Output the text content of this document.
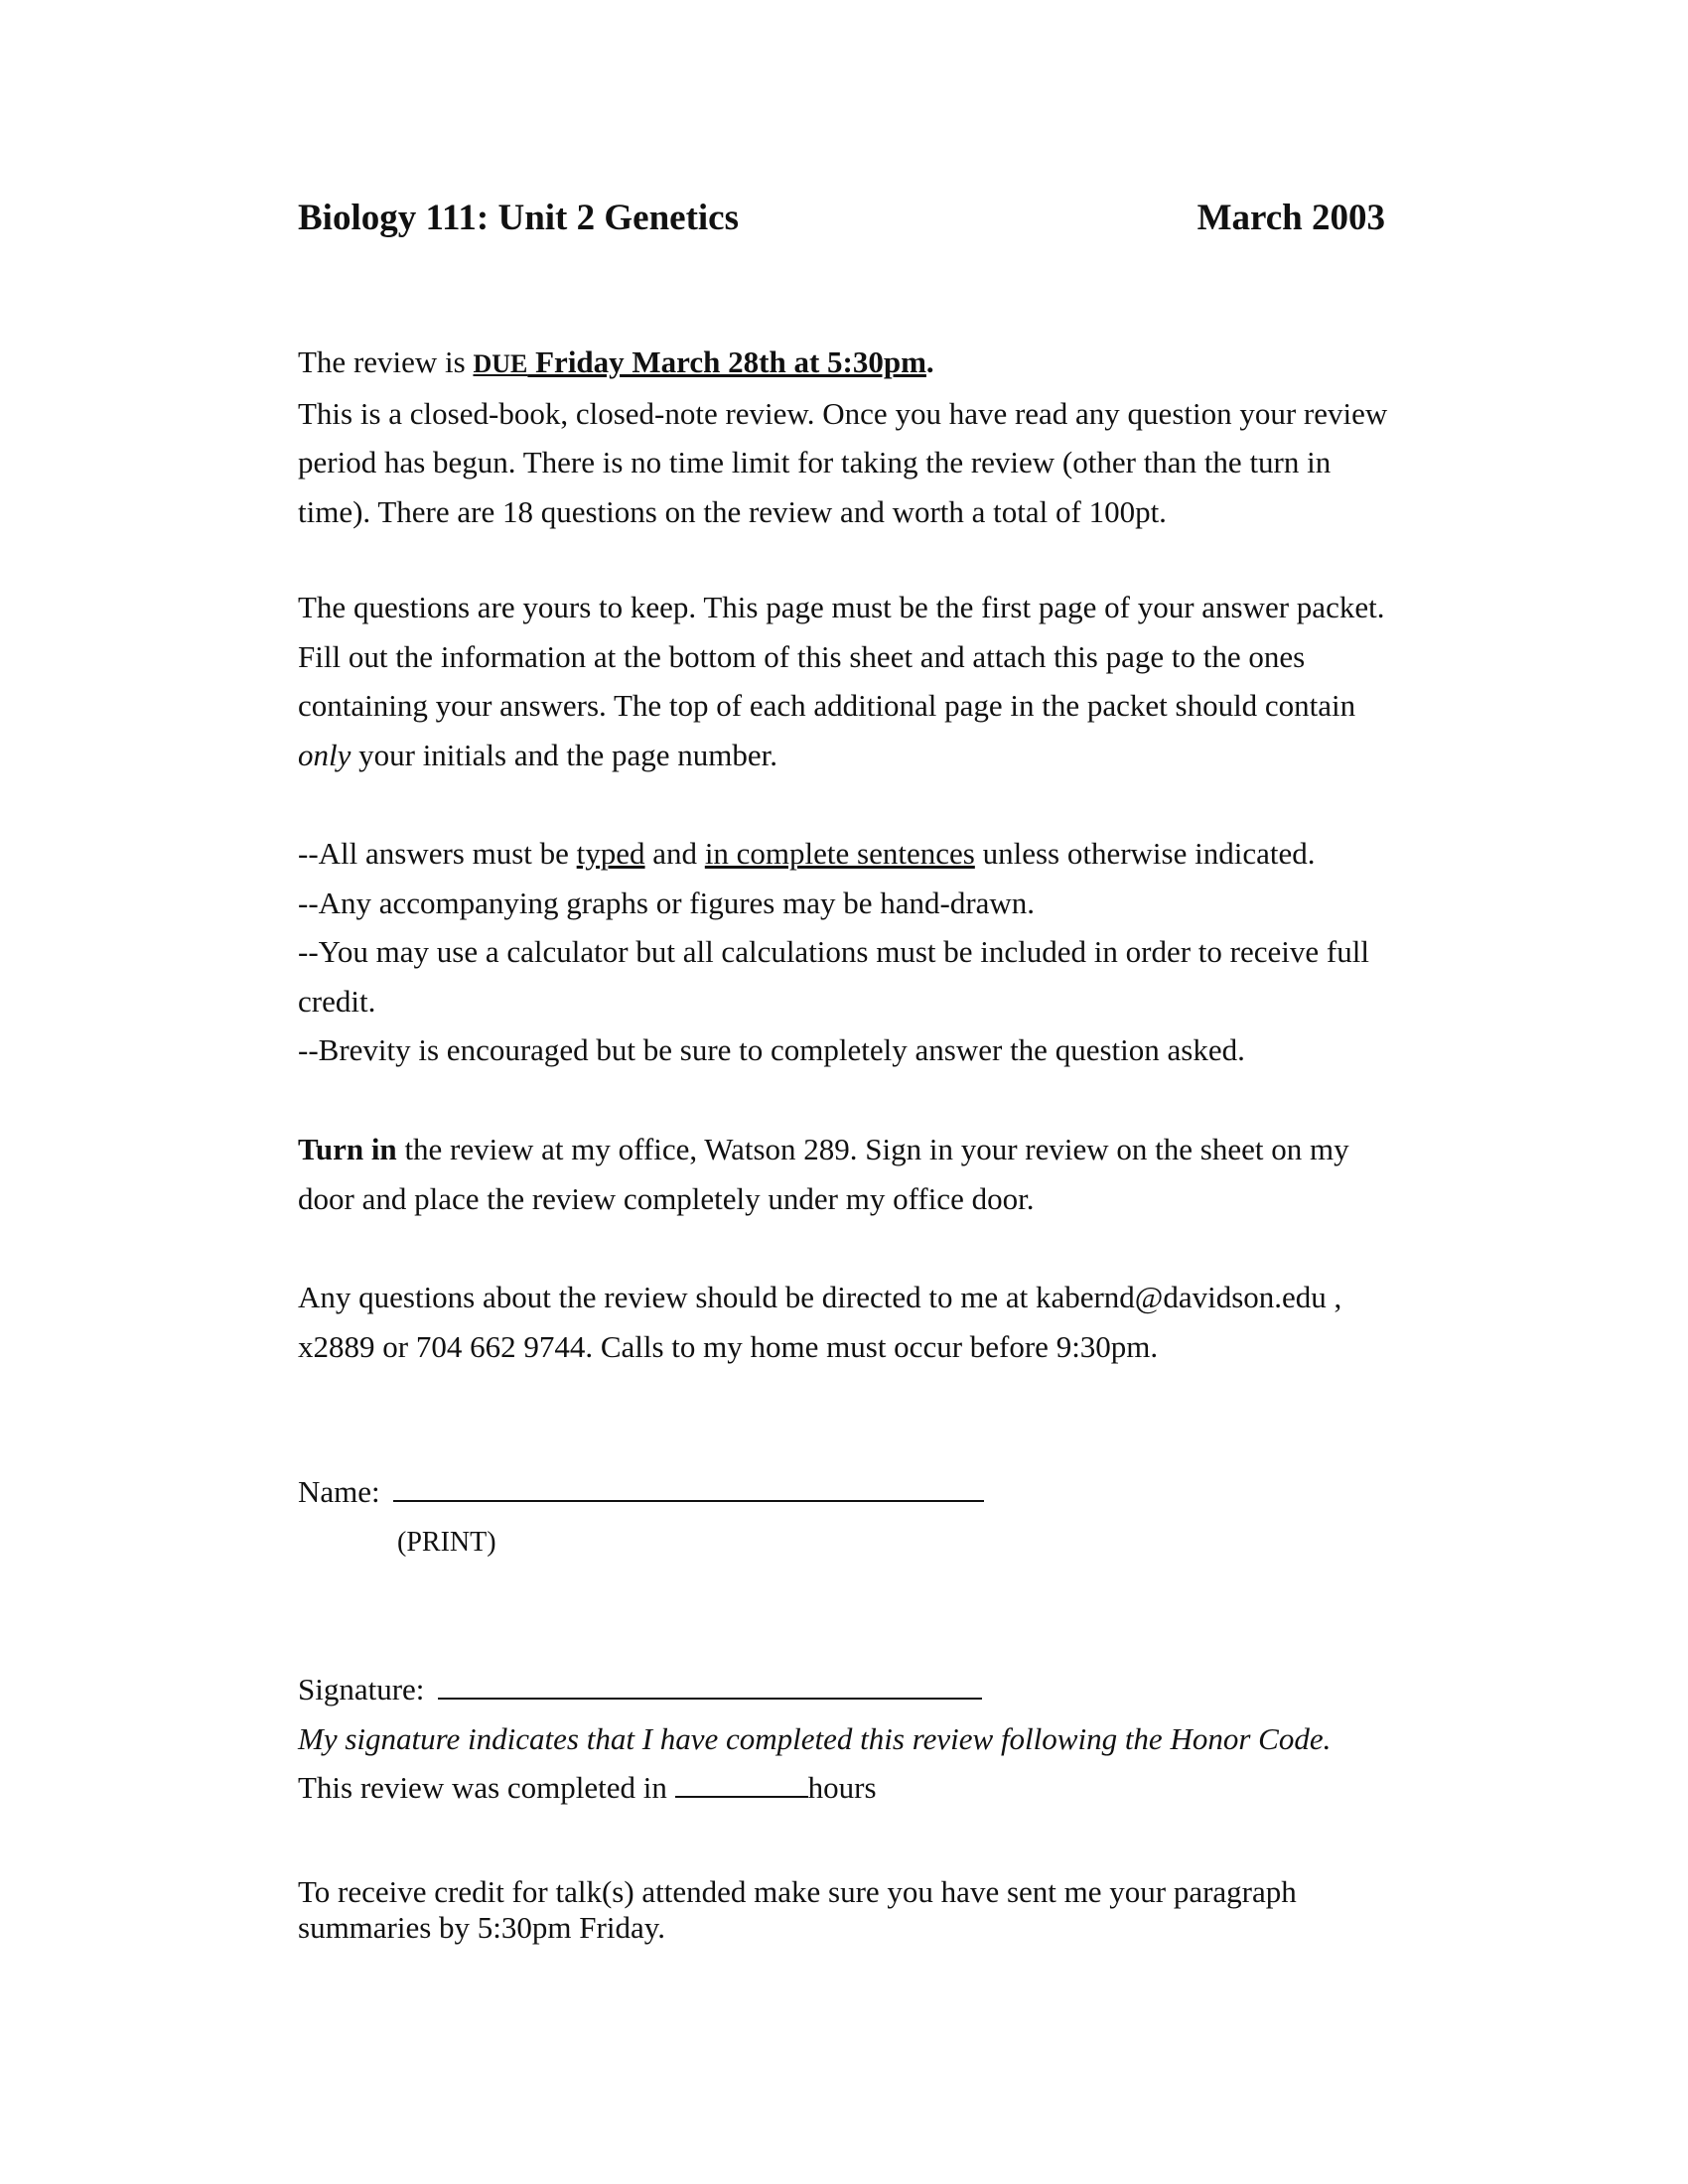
Biology 111: Unit 2 Genetics	March 2003
The review is DUE Friday March 28th at 5:30pm.
This is a closed-book, closed-note review. Once you have read any question your review
period has begun. There is no time limit for taking the review (other than the turn in
time). There are 18 questions on the review and worth a total of 100pt.
The questions are yours to keep. This page must be the first page of your answer packet.
Fill out the information at the bottom of this sheet and attach this page to the ones
containing your answers. The top of each additional page in the packet should contain
only your initials and the page number.
--All answers must be typed and in complete sentences unless otherwise indicated.
--Any accompanying graphs or figures may be hand-drawn.
--You may use a calculator but all calculations must be included in order to receive full
credit.
--Brevity is encouraged but be sure to completely answer the question asked.
Turn in the review at my office, Watson 289. Sign in your review on the sheet on my
door and place the review completely under my office door.
Any questions about the review should be directed to me at kabernd@davidson.edu ,
x2889 or 704 662 9744. Calls to my home must occur before 9:30pm.
Name:
(PRINT)
Signature:
My signature indicates that I have completed this review following the Honor Code.
This review was completed in	hours
To receive credit for talk(s) attended make sure you have sent me your paragraph
summaries by 5:30pm Friday.
